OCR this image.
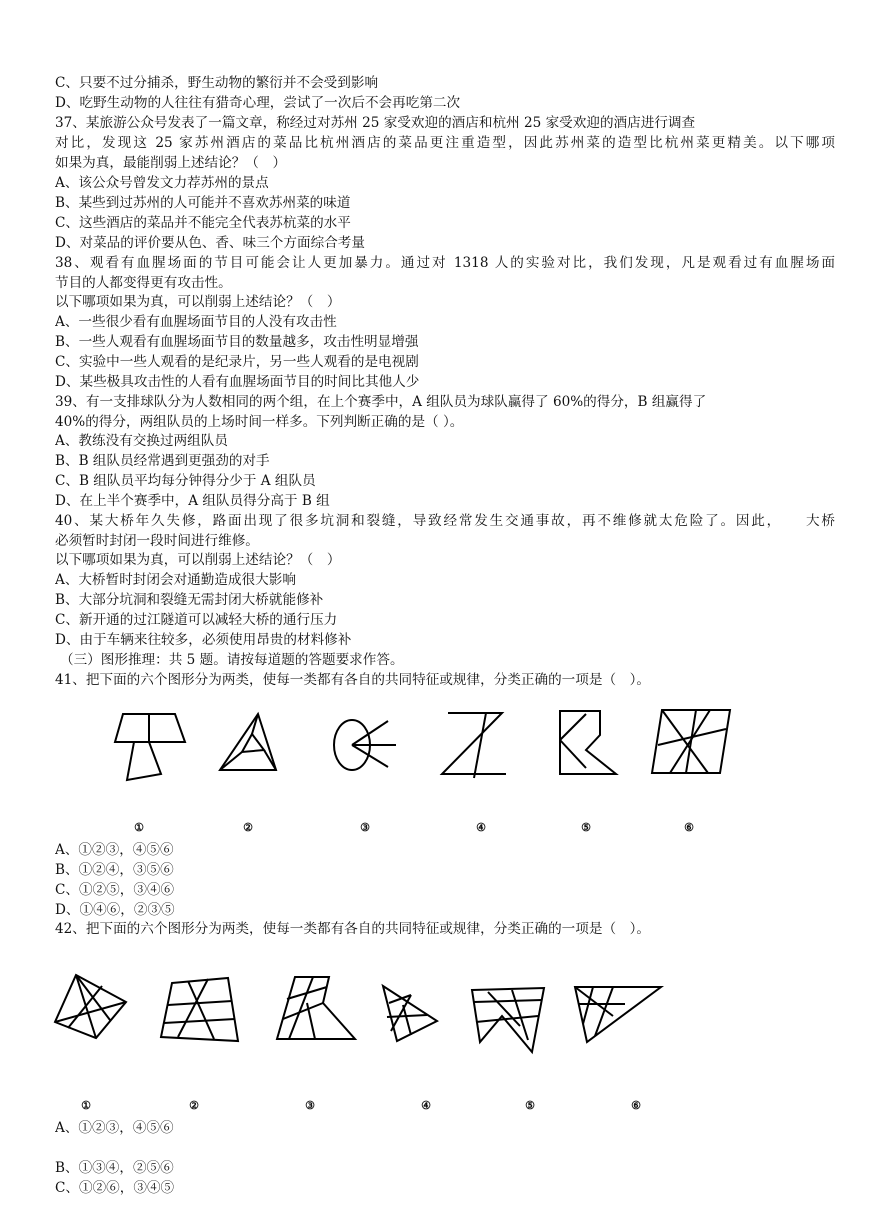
C、只要不过分捕杀，野生动物的繁衍并不会受到影响
D、吃野生动物的人往往有猎奇心理，尝试了一次后不会再吃第二次
37、某旅游公众号发表了一篇文章，称经过对苏州 25 家受欢迎的酒店和杭州 25 家受欢迎的酒店进行调查
对比，发现这 25 家苏州酒店的菜品比杭州酒店的菜品更注重造型，因此苏州菜的造型比杭州菜更精美。以下哪项
如果为真，最能削弱上述结论？（　）
A、该公众号曾发文力荐苏州的景点
B、某些到过苏州的人可能并不喜欢苏州菜的味道
C、这些酒店的菜品并不能完全代表苏杭菜的水平
D、对菜品的评价要从色、香、味三个方面综合考量
38、观看有血腥场面的节目可能会让人更加暴力。通过对 1318 人的实验对比，我们发现，凡是观看过有血腥场面
节目的人都变得更有攻击性。
以下哪项如果为真，可以削弱上述结论？（　）
A、一些很少看有血腥场面节目的人没有攻击性
B、一些人观看有血腥场面节目的数量越多，攻击性明显增强
C、实验中一些人观看的是纪录片，另一些人观看的是电视剧
D、某些极具攻击性的人看有血腥场面节目的时间比其他人少
39、有一支排球队分为人数相同的两个组，在上个赛季中，A 组队员为球队赢得了 60%的得分，B 组赢得了
40%的得分，两组队员的上场时间一样多。下列判断正确的是（ ）。
A、教练没有交换过两组队员
B、B 组队员经常遇到更强劲的对手
C、B 组队员平均每分钟得分少于 A 组队员
D、在上半个赛季中，A 组队员得分高于 B 组
40、某大桥年久失修，路面出现了很多坑洞和裂缝，导致经常发生交通事故，再不维修就太危险了。因此，　　大桥
必须暂时封闭一段时间进行维修。
以下哪项如果为真，可以削弱上述结论？（　）
A、大桥暂时封闭会对通勤造成很大影响
B、大部分坑洞和裂缝无需封闭大桥就能修补
C、新开通的过江隧道可以减轻大桥的通行压力
D、由于车辆来往较多，必须使用昂贵的材料修补
（三）图形推理：共 5 题。请按每道题的答题要求作答。
41、把下面的六个图形分为两类，使每一类都有各自的共同特征或规律，分类正确的一项是（　）。
①	②	③	④	⑤	⑥
A、①②③，④⑤⑥
B、①②④，③⑤⑥
C、①②⑤，③④⑥
D、①④⑥，②③⑤
42、把下面的六个图形分为两类，使每一类都有各自的共同特征或规律，分类正确的一项是（　）。
①	②	③	④	⑤	⑥
A、①②③，④⑤⑥
B、①③④，②⑤⑥
C、①②⑥，③④⑤
